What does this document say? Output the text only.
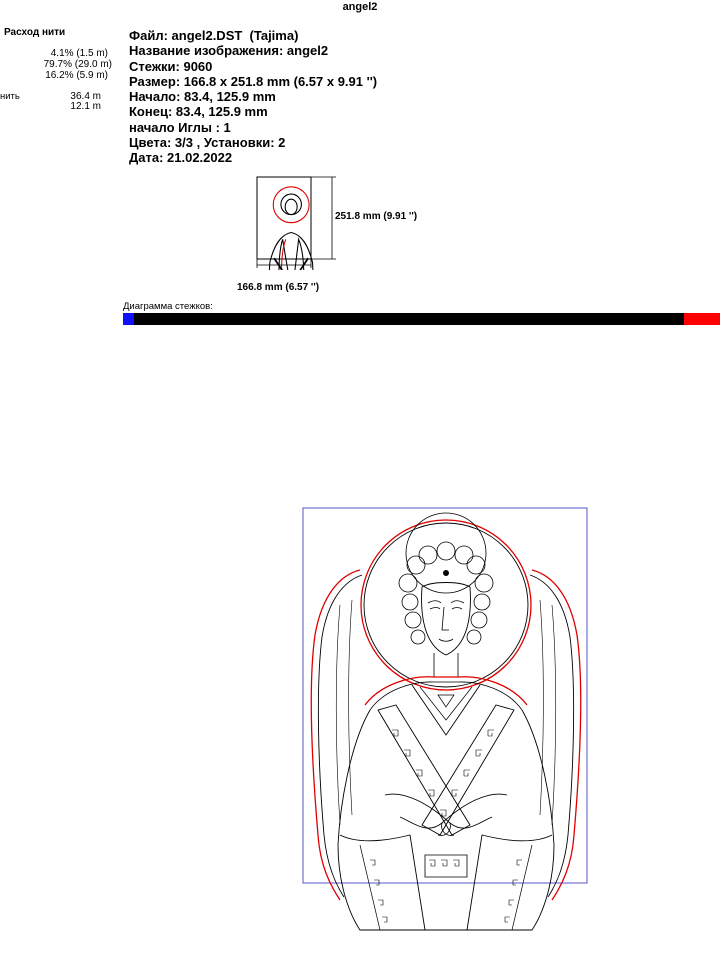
angel2
Расход нити
4.1% (1.5 m)
79.7% (29.0 m)
16.2% (5.9 m)
нить	36.4 m
12.1 m
Файл: angel2.DST  (Tajima)
Название изображения: angel2
Стежки: 9060
Размер: 166.8 x 251.8 mm (6.57 x 9.91 '')
Начало: 83.4, 125.9 mm
Конец: 83.4, 125.9 mm
начало Иглы : 1
Цвета: 3/3 , Установки: 2
Дата: 21.02.2022
251.8 mm (9.91 '')
166.8 mm (6.57 '')
Диаграмма стежков:
